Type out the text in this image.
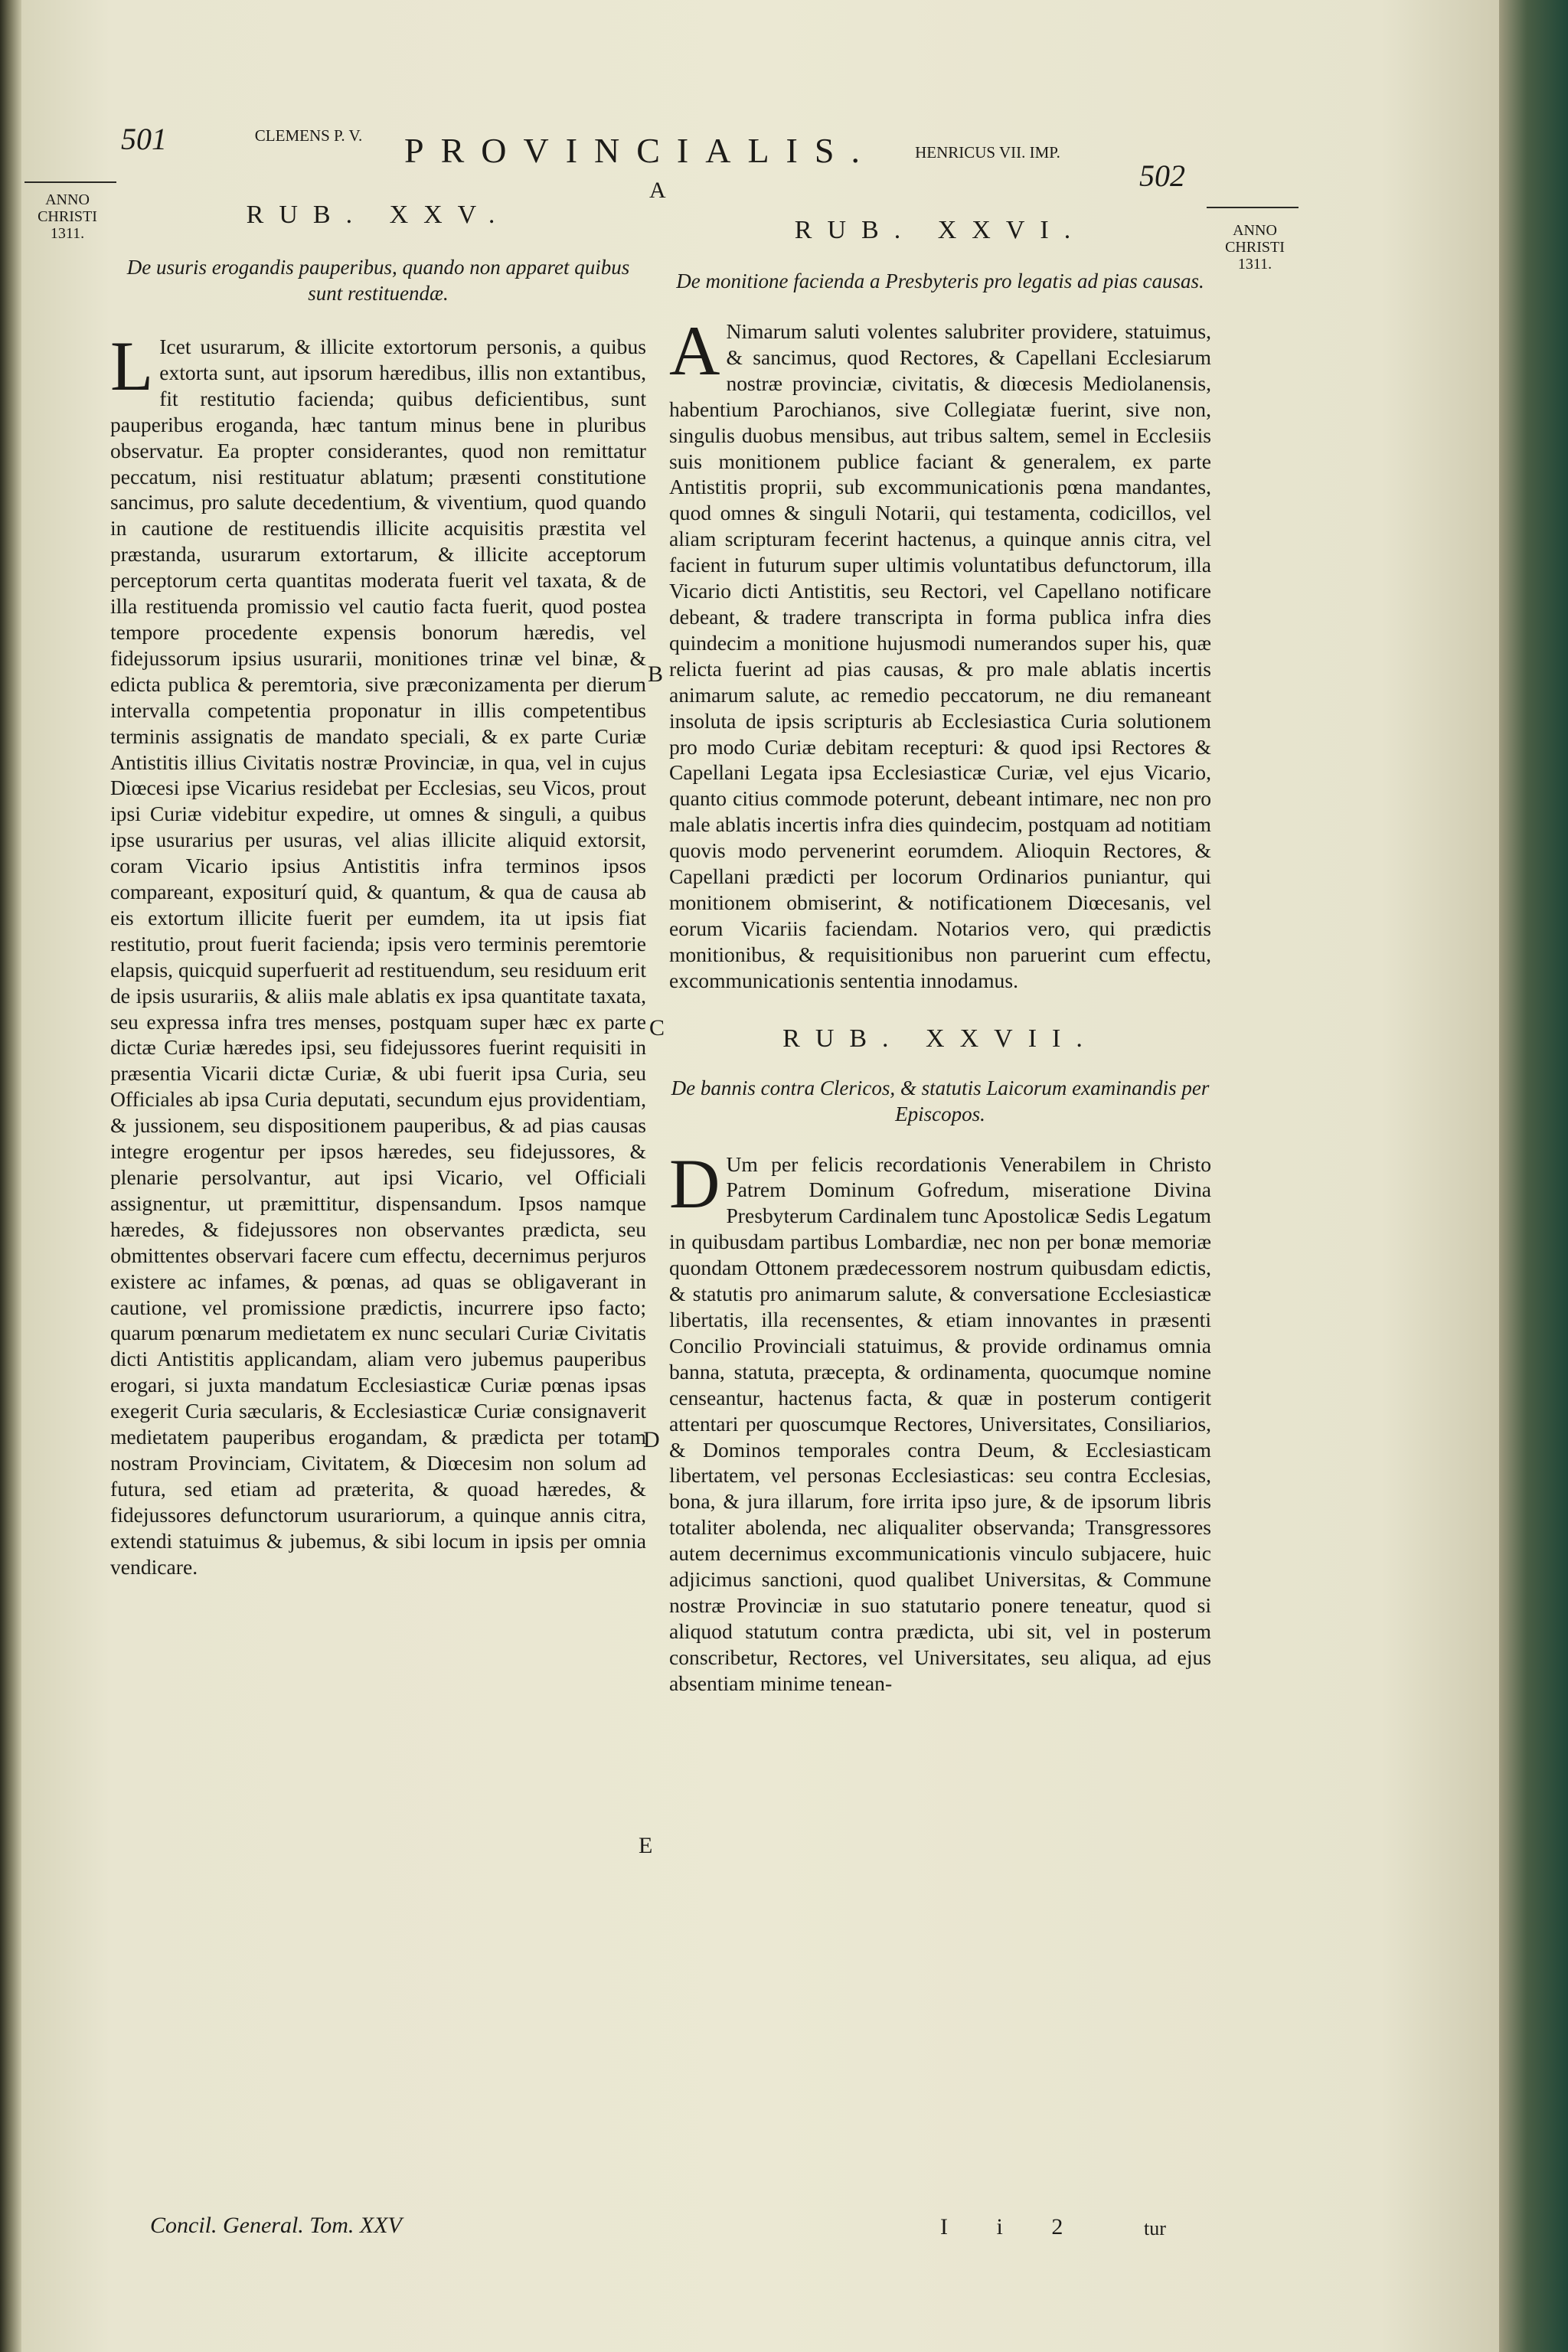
501	CLEMENS P. V. PROVINCIALIS. HENRICUS VII. IMP.
502
A
ANNO CHRISTI 1311.	ANNO CHRISTI 1311.
B
C
D
E
RUB. XXV.
De usuris erogandis pauperibus, quando non apparet quibus sunt restituendæ.
L Icet usurarum, & illicite extortorum personis, a quibus extorta sunt, aut ipsorum hæredibus, illis non extantibus, fit restitutio facienda; quibus deficientibus, sunt pauperibus eroganda, hæc tantum minus bene in pluribus observatur. Ea propter considerantes, quod non remittatur peccatum, nisi restituatur ablatum; præsenti constitutione sancimus, pro salute decedentium, & viventium, quod quando in cautione de restituendis illicite acquisitis præstita vel præstanda, usurarum extortarum, & illicite acceptorum perceptorum certa quantitas moderata fuerit vel taxata, & de illa restituenda promissio vel cautio facta fuerit, quod postea tempore procedente expensis bonorum hæredis, vel fidejussorum ipsius usurarii, monitiones trinæ vel binæ, & edicta publica & peremtoria, sive præconizamenta per dierum intervalla competentia proponatur in illis competentibus terminis assignatis de mandato speciali, & ex parte Curiæ Antistitis illius Civitatis nostræ Provinciæ, in qua, vel in cujus Diœcesi ipse Vicarius residebat per Ecclesias, seu Vicos, prout ipsi Curiæ videbitur expedire, ut omnes & singuli, a quibus ipse usurarius per usuras, vel alias illicite aliquid extorsit, coram Vicario ipsius Antistitis infra terminos ipsos compareant, expositurí quid, & quantum, & qua de causa ab eis extortum illicite fuerit per eumdem, ita ut ipsis fiat restitutio, prout fuerit facienda; ipsis vero terminis peremtorie elapsis, quicquid superfuerit ad restituendum, seu residuum erit de ipsis usurariis, & aliis male ablatis ex ipsa quantitate taxata, seu expressa infra tres menses, postquam super hæc ex parte dictæ Curiæ hæredes ipsi, seu fidejussores fuerint requisiti in præsentia Vicarii dictæ Curiæ, & ubi fuerit ipsa Curia, seu Officiales ab ipsa Curia deputati, secundum ejus providentiam, & jussionem, seu dispositionem pauperibus, & ad pias causas integre erogentur per ipsos hæredes, seu fidejussores, & plenarie persolvantur, aut ipsi Vicario, vel Officiali assignentur, ut præmittitur, dispensandum. Ipsos namque hæredes, & fidejussores non observantes prædicta, seu obmittentes observari facere cum effectu, decernimus perjuros existere ac infames, & pœnas, ad quas se obligaverant in cautione, vel promissione prædictis, incurrere ipso facto; quarum pœnarum medietatem ex nunc seculari Curiæ Civitatis dicti Antistitis applicandam, aliam vero jubemus pauperibus erogari, si juxta mandatum Ecclesiasticæ Curiæ pœnas ipsas exegerit Curia sæcularis, & Ecclesiasticæ Curiæ consignaverit medietatem pauperibus erogandam, & prædicta per totam nostram Provinciam, Civitatem, & Diœcesim non solum ad futura, sed etiam ad præterita, & quoad hæredes, & fidejussores defunctorum usurariorum, a quinque annis citra, extendi statuimus & jubemus, & sibi locum in ipsis per omnia vendicare.
RUB. XXVI.
De monitione facienda a Presbyteris pro legatis ad pias causas.
A Nimarum saluti volentes salubriter providere, statuimus, & sancimus, quod Rectores, & Capellani Ecclesiarum nostræ provinciæ, civitatis, & diœcesis Mediolanensis, habentium Parochianos, sive Collegiatæ fuerint, sive non, singulis duobus mensibus, aut tribus saltem, semel in Ecclesiis suis monitionem publice faciant & generalem, ex parte Antistitis proprii, sub excommunicationis pœna mandantes, quod omnes & singuli Notarii, qui testamenta, codicillos, vel aliam scripturam fecerint hactenus, a quinque annis citra, vel facient in futurum super ultimis voluntatibus defunctorum, illa Vicario dicti Antistitis, seu Rectori, vel Capellano notificare debeant, & tradere transcripta in forma publica infra dies quindecim a monitione hujusmodi numerandos super his, quæ relicta fuerint ad pias causas, & pro male ablatis incertis animarum salute, ac remedio peccatorum, ne diu remaneant insoluta de ipsis scripturis ab Ecclesiastica Curia solutionem pro modo Curiæ debitam recepturi: & quod ipsi Rectores & Capellani Legata ipsa Ecclesiasticæ Curiæ, vel ejus Vicario, quanto citius commode poterunt, debeant intimare, nec non pro male ablatis incertis infra dies quindecim, postquam ad notitiam quovis modo pervenerint eorumdem. Alioquin Rectores, & Capellani prædicti per locorum Ordinarios puniantur, qui monitionem obmiserint, & notificationem Diœcesanis, vel eorum Vicariis faciendam. Notarios vero, qui prædictis monitionibus, & requisitionibus non paruerint cum effectu, excommunicationis sententia innodamus.
RUB. XXVII.
De bannis contra Clericos, & statutis Laicorum examinandis per Episcopos.
D Um per felicis recordationis Venerabilem in Christo Patrem Dominum Gofredum, miseratione Divina Presbyterum Cardinalem tunc Apostolicæ Sedis Legatum in quibusdam partibus Lombardiæ, nec non per bonæ memoriæ quondam Ottonem prædecessorem nostrum quibusdam edictis, & statutis pro animarum salute, & conversatione Ecclesiasticæ libertatis, illa recensentes, & etiam innovantes in præsenti Concilio Provinciali statuimus, & provide ordinamus omnia banna, statuta, præcepta, & ordinamenta, quocumque nomine censeantur, hactenus facta, & quæ in posterum contigerit attentari per quoscumque Rectores, Universitates, Consiliarios, & Dominos temporales contra Deum, & Ecclesiasticam libertatem, vel personas Ecclesiasticas: seu contra Ecclesias, bona, & jura illarum, fore irrita ipso jure, & de ipsorum libris totaliter abolenda, nec aliqualiter observanda; Transgressores autem decernimus excommunicationis vinculo subjacere, huic adjicimus sanctioni, quod qualibet Universitas, & Commune nostræ Provinciæ in suo statutario ponere teneatur, quod si aliquod statutum contra prædicta, ubi sit, vel in posterum conscribetur, Rectores, vel Universitates, seu aliqua, ad ejus absentiam minime tenean-
Concil. General. Tom. XXV	I i 2	tur
